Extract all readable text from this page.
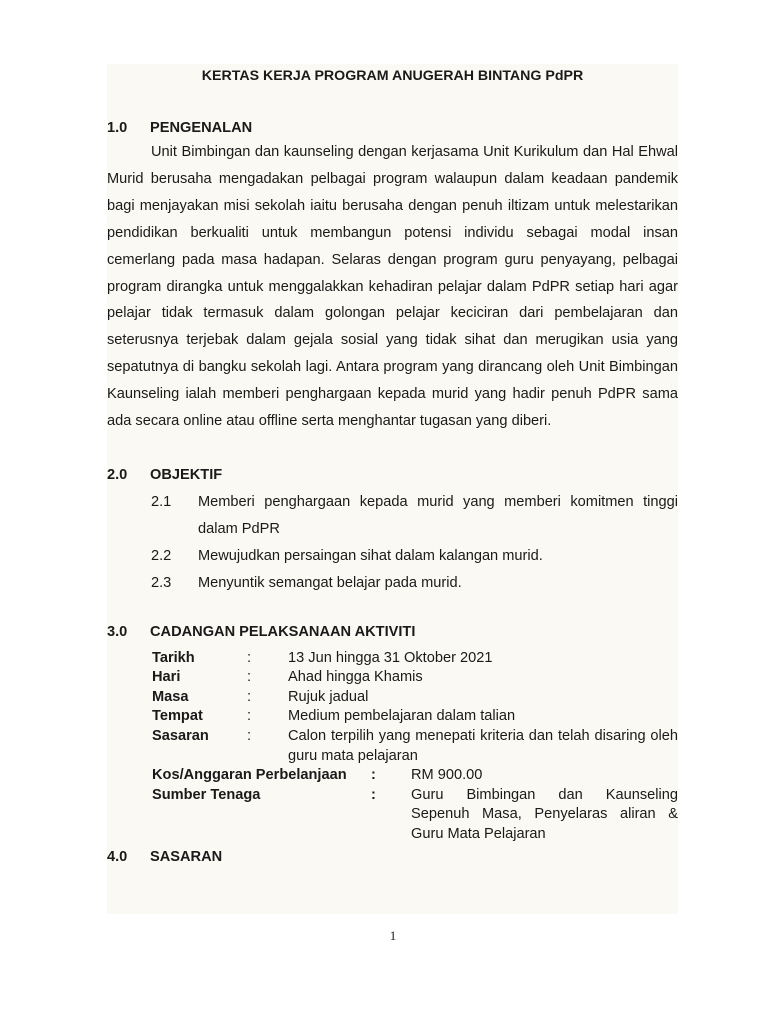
KERTAS KERJA PROGRAM ANUGERAH BINTANG PdPR
1.0	PENGENALAN

Unit Bimbingan dan kaunseling dengan kerjasama Unit Kurikulum dan Hal Ehwal Murid berusaha mengadakan pelbagai program walaupun dalam keadaan pandemik bagi menjayakan misi sekolah iaitu berusaha dengan penuh iltizam untuk melestarikan pendidikan berkualiti untuk membangun potensi individu sebagai modal insan cemerlang pada masa hadapan. Selaras dengan program guru penyayang, pelbagai program dirangka untuk menggalakkan kehadiran pelajar dalam PdPR setiap hari agar pelajar tidak termasuk dalam golongan pelajar keciciran dari pembelajaran dan seterusnya terjebak dalam gejala sosial yang tidak sihat dan merugikan usia yang sepatutnya di bangku sekolah lagi. Antara program yang dirancang oleh Unit Bimbingan Kaunseling ialah memberi penghargaan kepada murid yang hadir penuh PdPR sama ada secara online atau offline serta menghantar tugasan yang diberi.

2.0	OBJEKTIF
2.1	Memberi penghargaan kepada murid yang memberi komitmen tinggi dalam PdPR
2.2	Mewujudkan persaingan sihat dalam kalangan murid.
2.3	Menyuntik semangat belajar pada murid.
3.0	CADANGAN PELAKSANAAN AKTIVITI
Tarikh	:	13 Jun hingga 31 Oktober 2021
Hari	:	Ahad hingga Khamis
Masa	:	Rujuk jadual
Tempat	:	Medium pembelajaran dalam talian
Sasaran	:	Calon terpilih yang menepati kriteria dan telah disaring oleh guru mata pelajaran
Kos/Anggaran Perbelanjaan	:	RM 900.00
Sumber Tenaga	:	Guru Bimbingan dan Kaunseling Sepenuh Masa, Penyelaras aliran & Guru Mata Pelajaran
4.0	SASARAN
1
